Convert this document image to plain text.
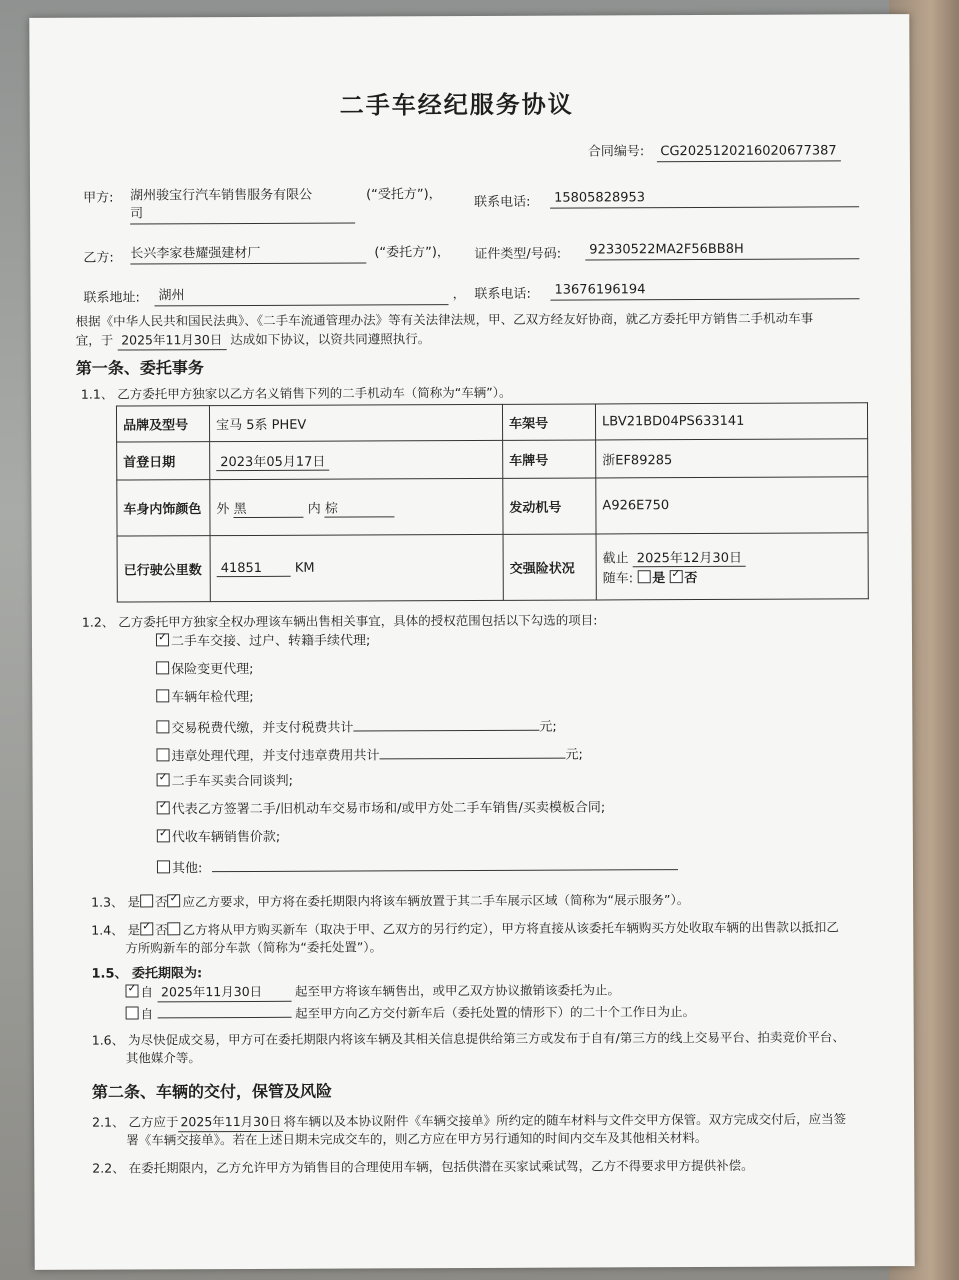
二手车经纪服务协议
合同编号: CG2025120216020677387
甲方: 湖州骏宝行汽车销售服务有限公
司
(“受托方”)， 联系电话:	15805828953
乙方: 长兴李家巷耀强建材厂	(“委托方”)， 证件类型/号码:	92330522MA2F56BB8H
联系地址:	湖州	， 联系电话:	13676196194
根据《中华人民共和国民法典》、《二手车流通管理办法》等有关法律法规，甲、乙双方经友好协商，就乙方委托甲方销售二手机动车事
宜，于 2025年11月30日 达成如下协议，以资共同遵照执行。
第一条、委托事务
1.1、 乙方委托甲方独家以乙方名义销售下列的二手机动车（简称为“车辆”）。
品牌及型号	宝马 5系 PHEV	车架号	LBV21BD04PS633141
首登日期	2023年05月17日	车牌号	浙EF89285
车身内饰颜色	外 黑 内 棕	发动机号	A926E750
已行驶公里数	41851 KM	交强险状况	截止 2025年12月30日
随车: 是 ✓ 否
1.2、 乙方委托甲方独家全权办理该车辆出售相关事宜，具体的授权范围包括以下勾选的项目:
✓二手车交接、过户、转籍手续代理;
保险变更代理;
车辆年检代理;
交易税费代缴，并支付税费共计	元;
违章处理代理，并支付违章费用共计	元;
✓二手车买卖合同谈判;
✓代表乙方签署二手/旧机动车交易市场和/或甲方处二手车销售/买卖模板合同;
✓代收车辆销售价款;
其他:
1.3、 是 否 ✓ 应乙方要求，甲方将在委托期限内将该车辆放置于其二手车展示区域（简称为“展示服务”）。
1.4、 是 ✓ 否 乙方将从甲方购买新车（取决于甲、乙双方的另行约定），甲方将直接从该委托车辆购买方处收取车辆的出售款以抵扣乙
方所购新车的部分车款（简称为“委托处置”）。
1.5、 委托期限为:
✓自 2025年11月30日	起至甲方将该车辆售出，或甲乙双方协议撤销该委托为止。
自	起至甲方向乙方交付新车后（委托处置的情形下）的二十个工作日为止。
1.6、 为尽快促成交易，甲方可在委托期限内将该车辆及其相关信息提供给第三方或发布于自有/第三方的线上交易平台、拍卖竞价平台、
其他媒介等。
第二条、车辆的交付，保管及风险
2.1、 乙方应于 2025年11月30日 将车辆以及本协议附件《车辆交接单》所约定的随车材料与文件交甲方保管。双方完成交付后，应当签
署《车辆交接单》。若在上述日期未完成交车的，则乙方应在甲方另行通知的时间内交车及其他相关材料。
2.2、 在委托期限内，乙方允许甲方为销售目的合理使用车辆，包括供潜在买家试乘试驾，乙方不得要求甲方提供补偿。
